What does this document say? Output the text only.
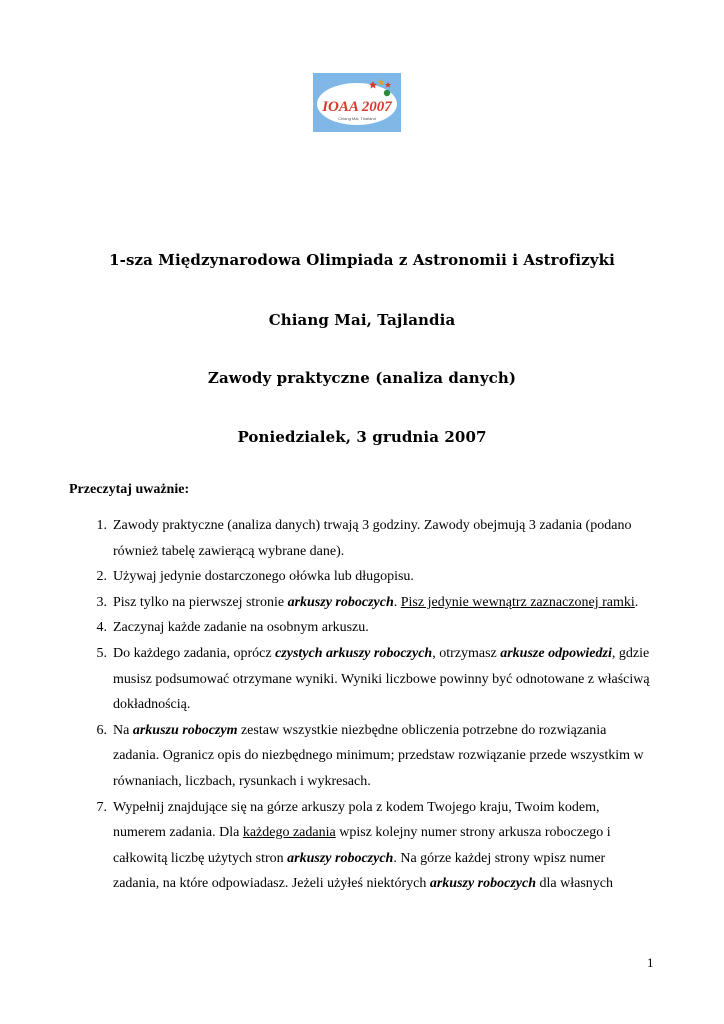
IOAA 2007
Chiang Mai, Thailand
1-sza Międzynarodowa Olimpiada z Astronomii i Astrofizyki
Chiang Mai, Tajlandia
Zawody praktyczne (analiza danych)
Poniedzialek, 3 grudnia 2007
Przeczytaj uważnie:
1. Zawody praktyczne (analiza danych) trwają 3 godziny. Zawody obejmują 3 zadania (podano również tabelę zawierącą wybrane dane).
2. Używaj jedynie dostarczonego ołówka lub długopisu.
3. Pisz tylko na pierwszej stronie arkuszy roboczych. Pisz jedynie wewnątrz zaznaczonej ramki.
4. Zaczynaj każde zadanie na osobnym arkuszu.
5. Do każdego zadania, oprócz czystych arkuszy roboczych, otrzymasz arkusze odpowiedzi, gdzie musisz podsumować otrzymane wyniki. Wyniki liczbowe powinny być odnotowane z właściwą dokładnością.
6. Na arkuszu roboczym zestaw wszystkie niezbędne obliczenia potrzebne do rozwiązania zadania. Ogranicz opis do niezbędnego minimum; przedstaw rozwiązanie przede wszystkim w równaniach, liczbach, rysunkach i wykresach.
7. Wypełnij znajdujące się na górze arkuszy pola z kodem Twojego kraju, Twoim kodem, numerem zadania. Dla każdego zadania wpisz kolejny numer strony arkusza roboczego i całkowitą liczbę użytych stron arkuszy roboczych. Na górze każdej strony wpisz numer zadania, na które odpowiadasz. Jeżeli użyłeś niektórych arkuszy roboczych dla własnych
1
